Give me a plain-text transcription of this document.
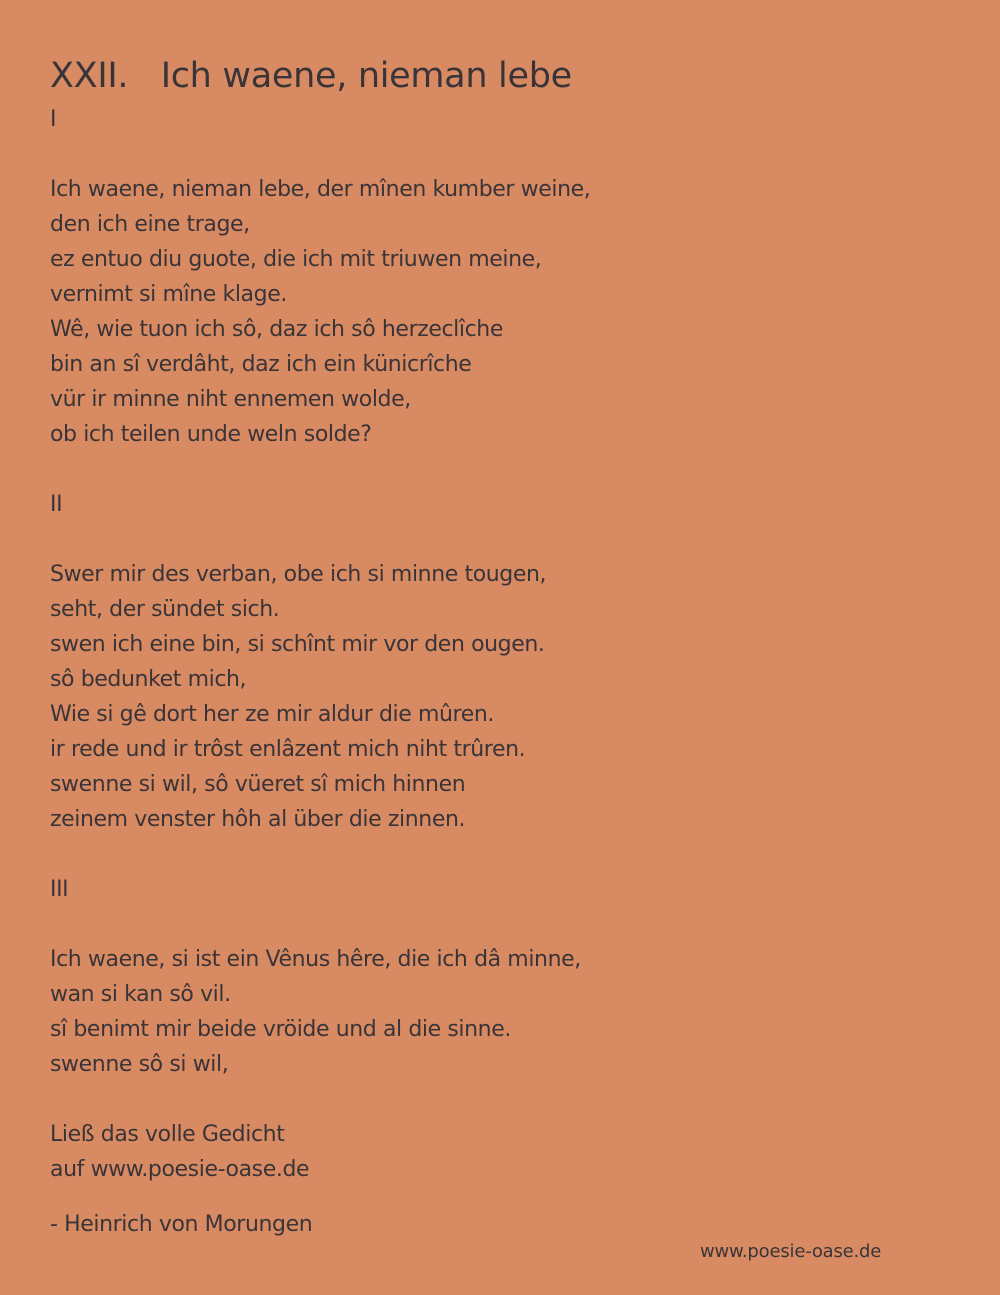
XXII.   Ich waene, nieman lebe
I
Ich waene, nieman lebe, der mînen kumber weine,
den ich eine trage,
ez entuo diu guote, die ich mit triuwen meine,
vernimt si mîne klage.
Wê, wie tuon ich sô, daz ich sô herzeclîche
bin an sî verdâht, daz ich ein künicrîche
vür ir minne niht ennemen wolde,
ob ich teilen unde weln solde?
II
Swer mir des verban, obe ich si minne tougen,
seht, der sündet sich.
swen ich eine bin, si schînt mir vor den ougen.
sô bedunket mich,
Wie si gê dort her ze mir aldur die mûren.
ir rede und ir trôst enlâzent mich niht trûren.
swenne si wil, sô vüeret sî mich hinnen
zeinem venster hôh al über die zinnen.
III
Ich waene, si ist ein Vênus hêre, die ich dâ minne,
wan si kan sô vil.
sî benimt mir beide vröide und al die sinne.
swenne sô si wil,
Ließ das volle Gedicht
auf www.poesie-oase.de
- Heinrich von Morungen
www.poesie-oase.de
